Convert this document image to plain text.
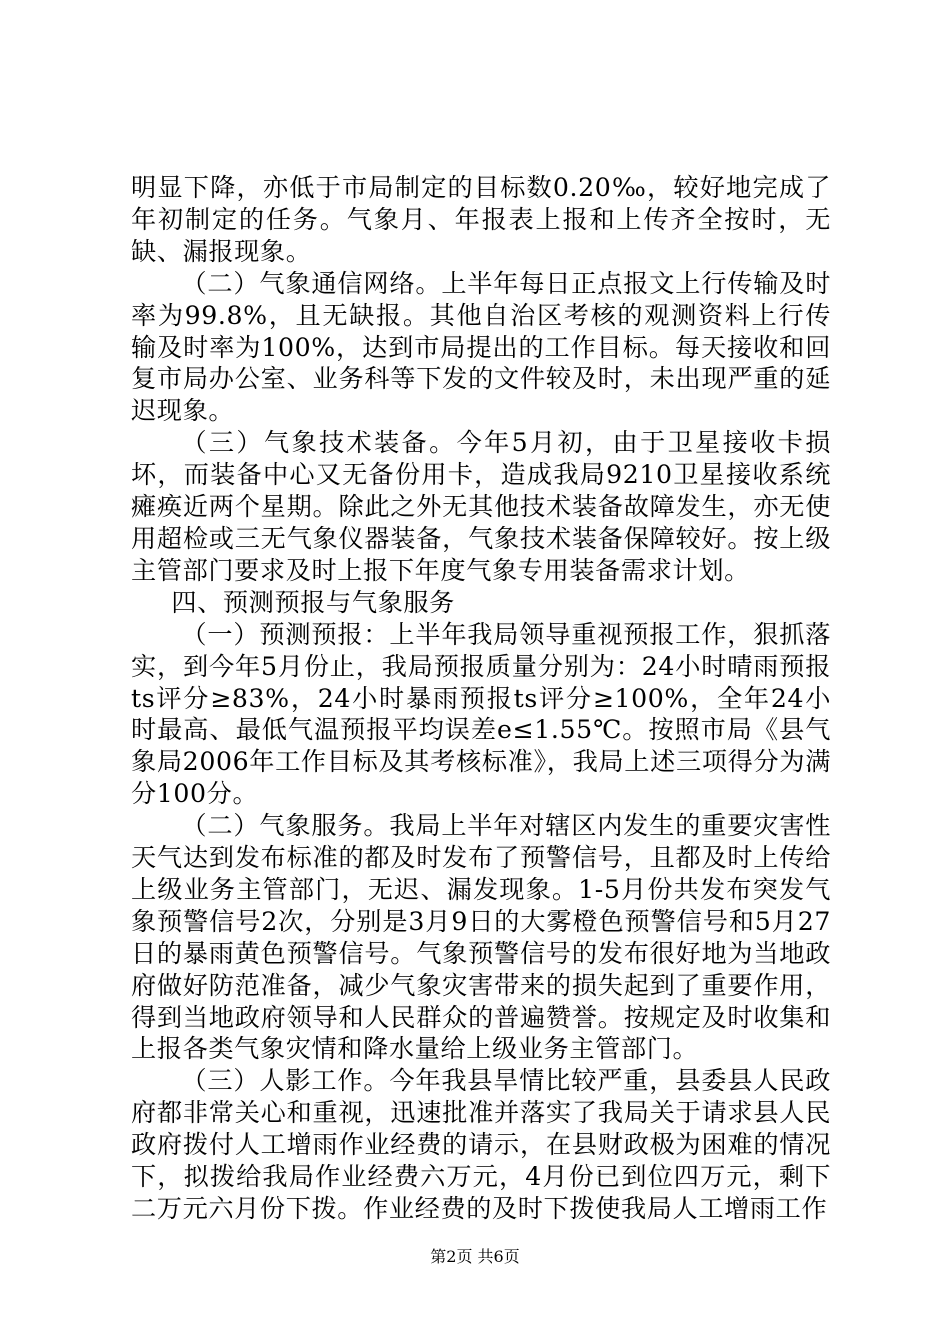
明显下降，亦低于市局制定的目标数0.20‰，较好地完成了年初制定的任务。气象月、年报表上报和上传齐全按时，无缺、漏报现象。

（二）气象通信网络。上半年每日正点报文上行传输及时率为99.8%，且无缺报。其他自治区考核的观测资料上行传输及时率为100%，达到市局提出的工作目标。每天接收和回复市局办公室、业务科等下发的文件较及时，未出现严重的延迟现象。

（三）气象技术装备。今年5月初，由于卫星接收卡损坏，而装备中心又无备份用卡，造成我局9210卫星接收系统瘫痪近两个星期。除此之外无其他技术装备故障发生，亦无使用超检或三无气象仪器装备，气象技术装备保障较好。按上级主管部门要求及时上报下年度气象专用装备需求计划。

四、预测预报与气象服务

（一）预测预报：上半年我局领导重视预报工作，狠抓落实，到今年5月份止，我局预报质量分别为：24小时晴雨预报ts评分≥83%，24小时暴雨预报ts评分≥100%，全年24小时最高、最低气温预报平均误差e≤1.55℃。按照市局《县气象局2006年工作目标及其考核标准》，我局上述三项得分为满分100分。

（二）气象服务。我局上半年对辖区内发生的重要灾害性天气达到发布标准的都及时发布了预警信号，且都及时上传给上级业务主管部门，无迟、漏发现象。1-5月份共发布突发气象预警信号2次，分别是3月9日的大雾橙色预警信号和5月27日的暴雨黄色预警信号。气象预警信号的发布很好地为当地政府做好防范准备，减少气象灾害带来的损失起到了重要作用，得到当地政府领导和人民群众的普遍赞誉。按规定及时收集和上报各类气象灾情和降水量给上级业务主管部门。

（三）人影工作。今年我县旱情比较严重，县委县人民政府都非常关心和重视，迅速批准并落实了我局关于请求县人民政府拨付人工增雨作业经费的请示，在县财政极为困难的情况下，拟拨给我局作业经费六万元，4月份已到位四万元，剩下二万元六月份下拨。作业经费的及时下拨使我局人工增雨工作

第2页 共6页
